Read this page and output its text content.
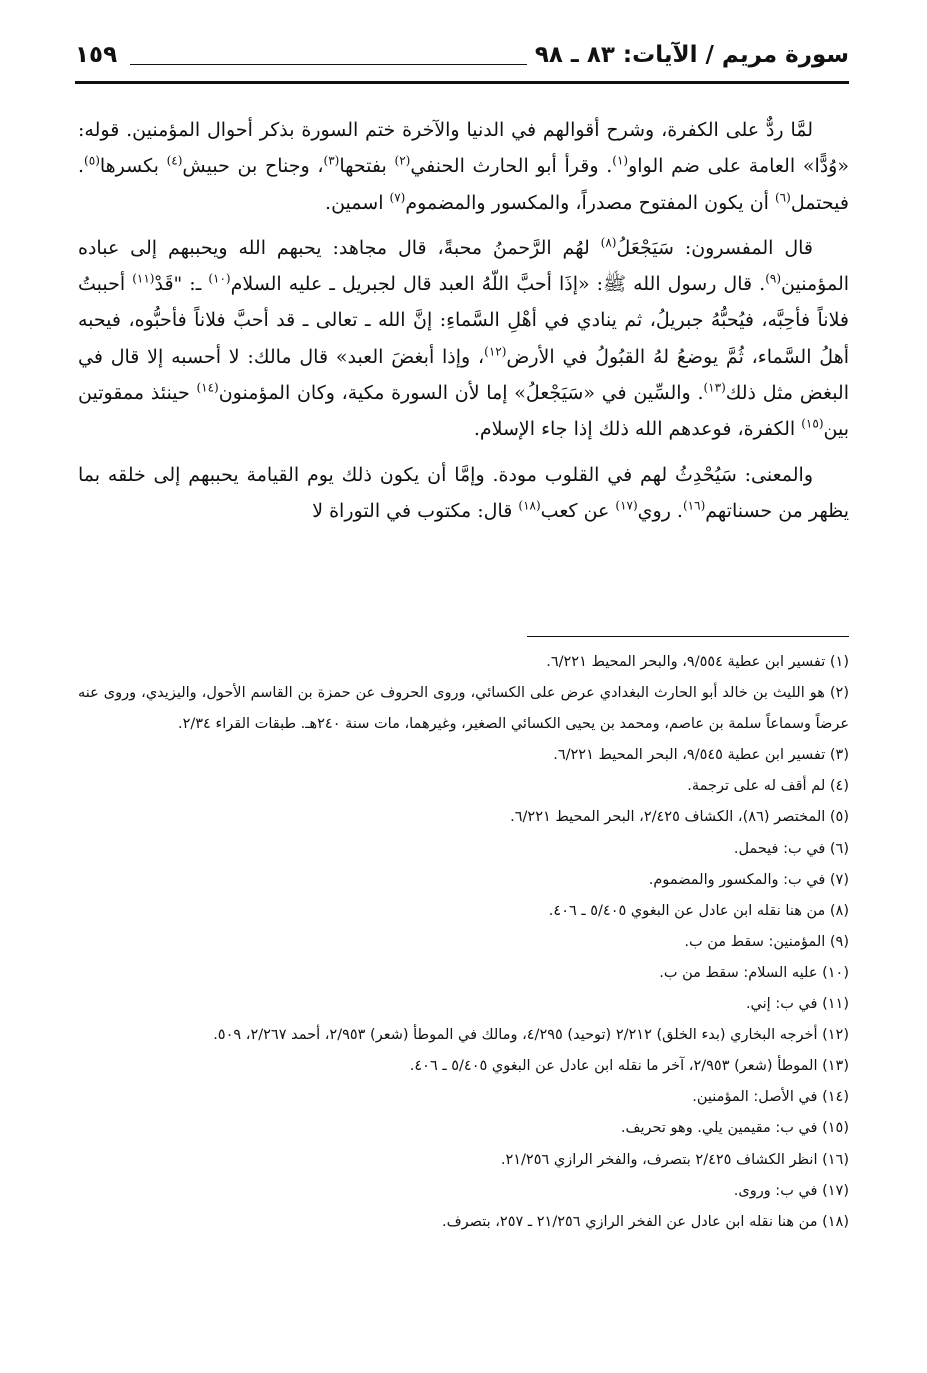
سورة مريم / الآيات: ٨٣ ـ ٩٨
١٥٩

لمَّا ردٌّ على الكفرة، وشرح أقوالهم في الدنيا والآخرة ختم السورة بذكر أحوال المؤمنين. قوله: «وُدًّا» العامة على ضم الواو$^{(١)}$. وقرأ أبو الحارث الحنفي$^{(٢)}$ بفتحها$^{(٣)}$، وجناح بن حبيش$^{(٤)}$ بكسرها$^{(٥)}$. فيحتمل$^{(٦)}$ أن يكون المفتوح مصدراً، والمكسور والمضموم$^{(٧)}$ اسمين.

قال المفسرون: سَيَجْعَلُ$^{(٨)}$ لهُم الرَّحمنُ محبةً، قال مجاهد: يحبهم الله ويحببهم إلى عباده المؤمنين$^{(٩)}$. قال رسول الله ﷺ: «إذَا أحبَّ اللّهُ العبد قال لجبريل ـ عليه السلام$^{(١٠)}$ ـ: "قَدْ$^{(١١)}$ أحببتُ فلاناً فأحِبَّه، فيُحبُّهُ جبريلُ، ثم ينادي في أهْلِ السَّماءِ: إنَّ الله ـ تعالى ـ قد أحبَّ فلاناً فأحبُّوه، فيحبه أهلُ السَّماء، ثُمَّ يوضعُ لهُ القبُولُ في الأرض$^{(١٢)}$، وإذا أبغضَ العبد» قال مالك: لا أحسبه إلا قال في البغض مثل ذلك$^{(١٣)}$. والسِّين في «سَيَجْعلُ» إما لأن السورة مكية، وكان المؤمنون$^{(١٤)}$ حينئذ ممقوتين بين$^{(١٥)}$ الكفرة، فوعدهم الله ذلك إذا جاء الإسلام.

والمعنى: سَيُحْدِثُ لهم في القلوب مودة. وإمَّا أن يكون ذلك يوم القيامة يحببهم إلى خلقه بما يظهر من حسناتهم$^{(١٦)}$. روي$^{(١٧)}$ عن كعب$^{(١٨)}$ قال: مكتوب في التوراة لا

(١) تفسير ابن عطية ٩/٥٥٤، والبحر المحيط ٦/٢٢١.
(٢) هو الليث بن خالد أبو الحارث البغدادي عرض على الكسائي، وروى الحروف عن حمزة بن القاسم الأحول، واليزيدي، وروى عنه عرضاً وسماعاً سلمة بن عاصم، ومحمد بن يحيى الكسائي الصغير، وغيرهما، مات سنة ٢٤٠هـ. طبقات القراء ٢/٣٤.
(٣) تفسير ابن عطية ٩/٥٤٥، البحر المحيط ٦/٢٢١.
(٤) لم أقف له على ترجمة.
(٥) المختصر (٨٦)، الكشاف ٢/٤٢٥، البحر المحيط ٦/٢٢١.
(٦) في ب: فيحمل.
(٧) في ب: والمكسور والمضموم.
(٨) من هنا نقله ابن عادل عن البغوي ٥/٤٠٥ ـ ٤٠٦.
(٩) المؤمنين: سقط من ب.
(١٠) عليه السلام: سقط من ب.
(١١) في ب: إني.
(١٢) أخرجه البخاري (بدء الخلق) ٢/٢١٢ (توحيد) ٤/٢٩٥، ومالك في الموطأ (شعر) ٢/٩٥٣، أحمد ٢/٢٦٧، ٥٠٩.
(١٣) الموطأ (شعر) ٢/٩٥٣، آخر ما نقله ابن عادل عن البغوي ٥/٤٠٥ ـ ٤٠٦.
(١٤) في الأصل: المؤمنين.
(١٥) في ب: مقيمين يلي. وهو تحريف.
(١٦) انظر الكشاف ٢/٤٢٥ بتصرف، والفخر الرازي ٢١/٢٥٦.
(١٧) في ب: وروى.
(١٨) من هنا نقله ابن عادل عن الفخر الرازي ٢١/٢٥٦ ـ ٢٥٧، بتصرف.
